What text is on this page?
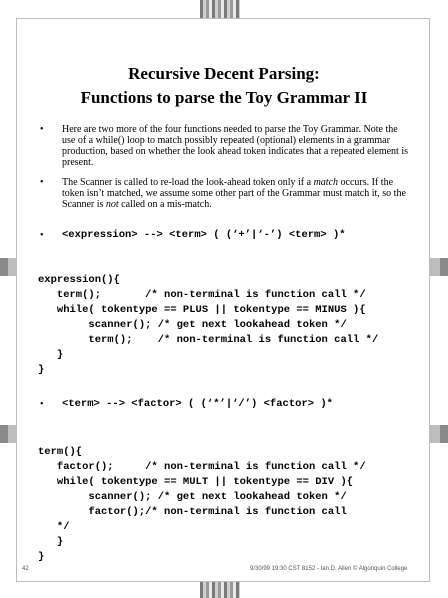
Recursive Decent Parsing:
Functions to parse the Toy Grammar II
• Here are two more of the four functions needed to parse the Toy Grammar. Note the use of a while() loop to match possibly repeated (optional) elements in a grammar production, based on whether the look ahead token indicates that a repeated element is present.
• The Scanner is called to re-load the look-ahead token only if a match occurs. If the token isn’t matched, we assume some other part of the Grammar must match it, so the Scanner is not called on a mis-match.
• <expression> --> <term> ( (‘+’|‘-’) <term> )*

expression(){
term();       /* non-terminal is function call */
while( tokentype == PLUS || tokentype == MINUS ){
scanner(); /* get next lookahead token */
term();    /* non-terminal is function call */
}
}

• <term> --> <factor> ( (‘*’|‘/’) <factor> )*

term(){
factor();     /* non-terminal is function call */
while( tokentype == MULT || tokentype == DIV ){
scanner(); /* get next lookahead token */
factor();/* non-terminal is function call
*/
}
}

42	9/30/99 19:30 CST 8152 - Ian D. Allen © Algonquin College
